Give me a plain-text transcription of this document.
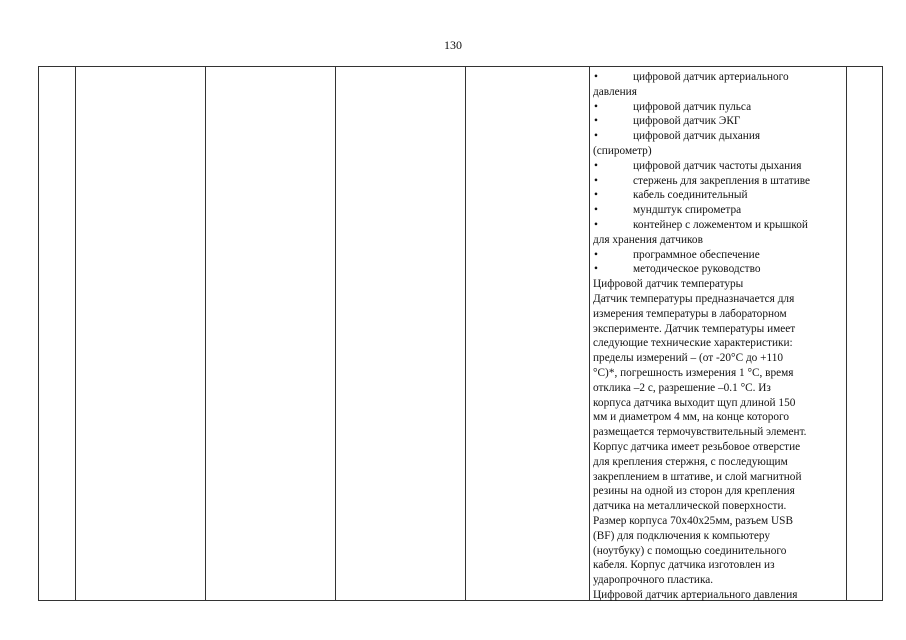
130
•	цифровой датчик артериального
давления
•	цифровой датчик пульса
•	цифровой датчик ЭКГ
•	цифровой датчик дыхания
(спирометр)
•	цифровой датчик частоты дыхания
•	стержень для закрепления в штативе
•	кабель соединительный
•	мундштук спирометра
•	контейнер с ложементом и крышкой
для хранения датчиков
•	программное обеспечение
•	методическое руководство
Цифровой датчик температуры
Датчик температуры предназначается для
измерения температуры в лабораторном
эксперименте. Датчик температуры имеет
следующие технические характеристики:
пределы измерений – (от -20°С до +110
°С)*, погрешность измерения 1 °С, время
отклика –2 с, разрешение –0.1 °С. Из
корпуса датчика выходит щуп длиной 150
мм и диаметром 4 мм, на конце которого
размещается термочувствительный элемент.
Корпус датчика имеет резьбовое отверстие
для крепления стержня, с последующим
закреплением в штативе, и слой магнитной
резины на одной из сторон для крепления
датчика на металлической поверхности.
Размер корпуса 70x40x25мм, разъем USB
(BF) для подключения к компьютеру
(ноутбуку) с помощью соединительного
кабеля. Корпус датчика изготовлен из
ударопрочного пластика.
Цифровой датчик артериального давления
